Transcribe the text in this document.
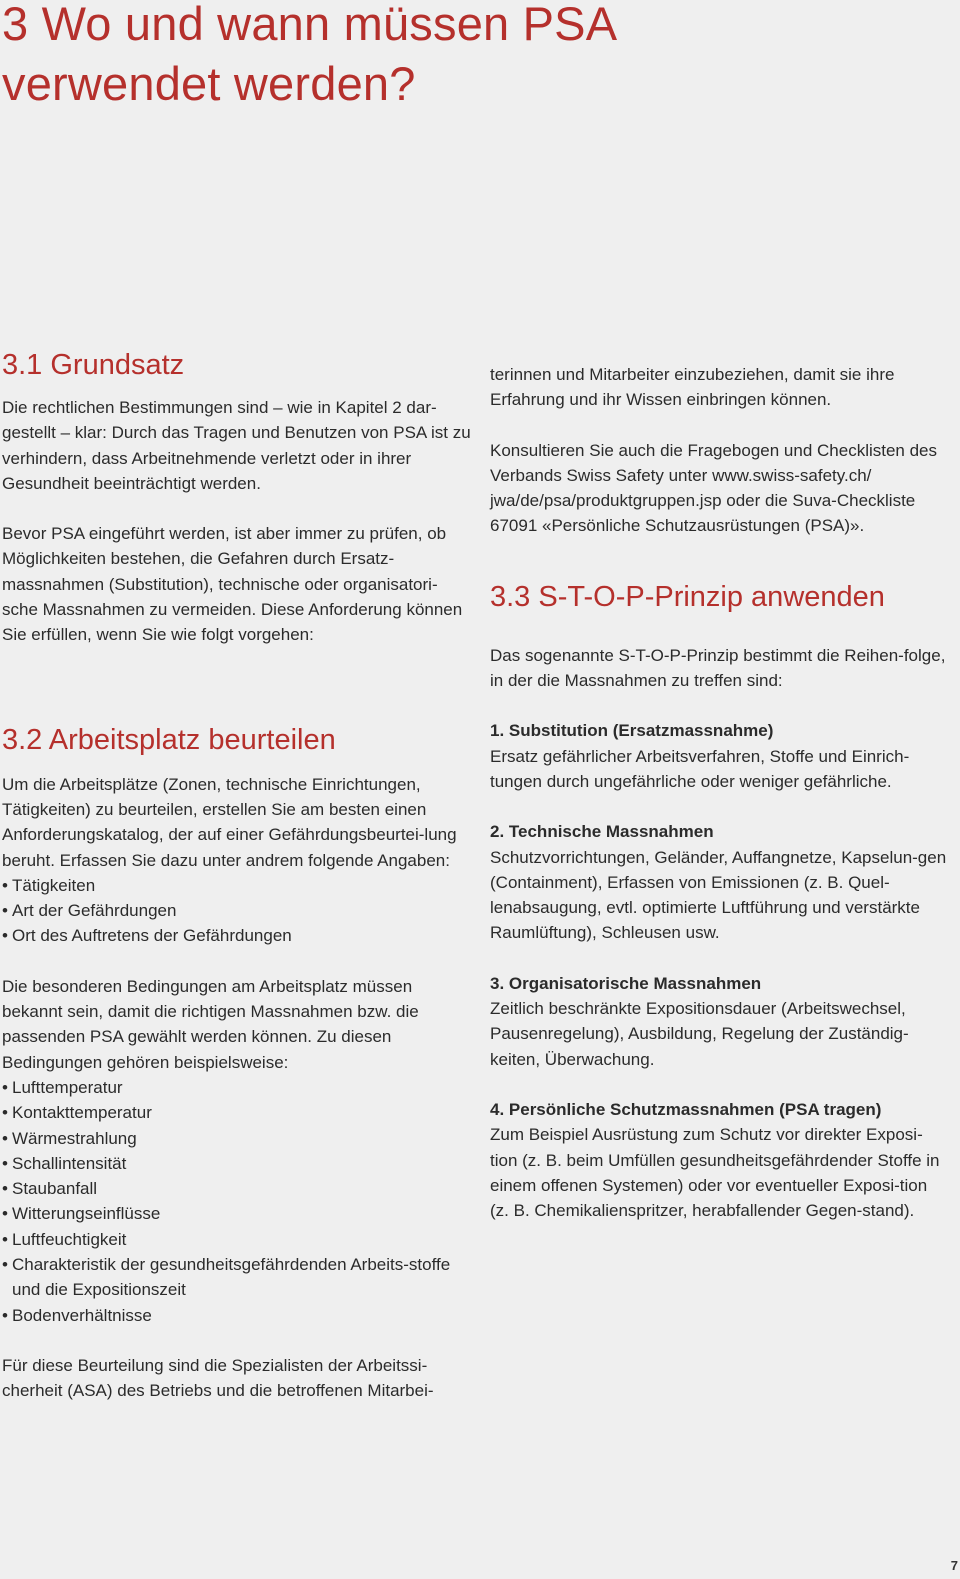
3 Wo und wann müssen PSA verwendet werden?
3.1 Grundsatz

Die rechtlichen Bestimmungen sind – wie in Kapitel 2 dar-gestellt – klar: Durch das Tragen und Benutzen von PSA ist zu verhindern, dass Arbeitnehmende verletzt oder in ihrer Gesundheit beeinträchtigt werden.

Bevor PSA eingeführt werden, ist aber immer zu prüfen, ob Möglichkeiten bestehen, die Gefahren durch Ersatz-massnahmen (Substitution), technische oder organisatori-sche Massnahmen zu vermeiden. Diese Anforderung können Sie erfüllen, wenn Sie wie folgt vorgehen:

3.2 Arbeitsplatz beurteilen

Um die Arbeitsplätze (Zonen, technische Einrichtungen, Tätigkeiten) zu beurteilen, erstellen Sie am besten einen Anforderungskatalog, der auf einer Gefährdungsbeurtei-lung beruht. Erfassen Sie dazu unter andrem folgende Angaben:

• Tätigkeiten
• Art der Gefährdungen
• Ort des Auftretens der Gefährdungen

Die besonderen Bedingungen am Arbeitsplatz müssen bekannt sein, damit die richtigen Massnahmen bzw. die passenden PSA gewählt werden können. Zu diesen Bedingungen gehören beispielsweise:

• Lufttemperatur
• Kontakttemperatur
• Wärmestrahlung
• Schallintensität
• Staubanfall
• Witterungseinflüsse
• Luftfeuchtigkeit
• Charakteristik der gesundheitsgefährdenden Arbeits-stoffe und die Expositionszeit
• Bodenverhältnisse

Für diese Beurteilung sind die Spezialisten der Arbeitssi-cherheit (ASA) des Betriebs und die betroffenen Mitarbei-

terinnen und Mitarbeiter einzubeziehen, damit sie ihre Erfahrung und ihr Wissen einbringen können.

Konsultieren Sie auch die Fragebogen und Checklisten des Verbands Swiss Safety unter www.swiss-safety.ch/ jwa/de/psa/produktgruppen.jsp oder die Suva-Checkliste 67091 «Persönliche Schutzausrüstungen (PSA)».

3.3 S-T-O-P-Prinzip anwenden

Das sogenannte S-T-O-P-Prinzip bestimmt die Reihen-folge, in der die Massnahmen zu treffen sind:

1. Substitution (Ersatzmassnahme)
Ersatz gefährlicher Arbeitsverfahren, Stoffe und Einrich-tungen durch ungefährliche oder weniger gefährliche.

2. Technische Massnahmen
Schutzvorrichtungen, Geländer, Auffangnetze, Kapselun-gen (Containment), Erfassen von Emissionen (z. B. Quel-lenabsaugung, evtl. optimierte Luftführung und verstärkte Raumlüftung), Schleusen usw.

3. Organisatorische Massnahmen
Zeitlich beschränkte Expositionsdauer (Arbeitswechsel, Pausenregelung), Ausbildung, Regelung der Zuständig-keiten, Überwachung.

4. Persönliche Schutzmassnahmen (PSA tragen)
Zum Beispiel Ausrüstung zum Schutz vor direkter Exposi-tion (z. B. beim Umfüllen gesundheitsgefährdender Stoffe in einem offenen Systemen) oder vor eventueller Exposi-tion (z. B. Chemikalienspritzer, herabfallender Gegen-stand).

7
